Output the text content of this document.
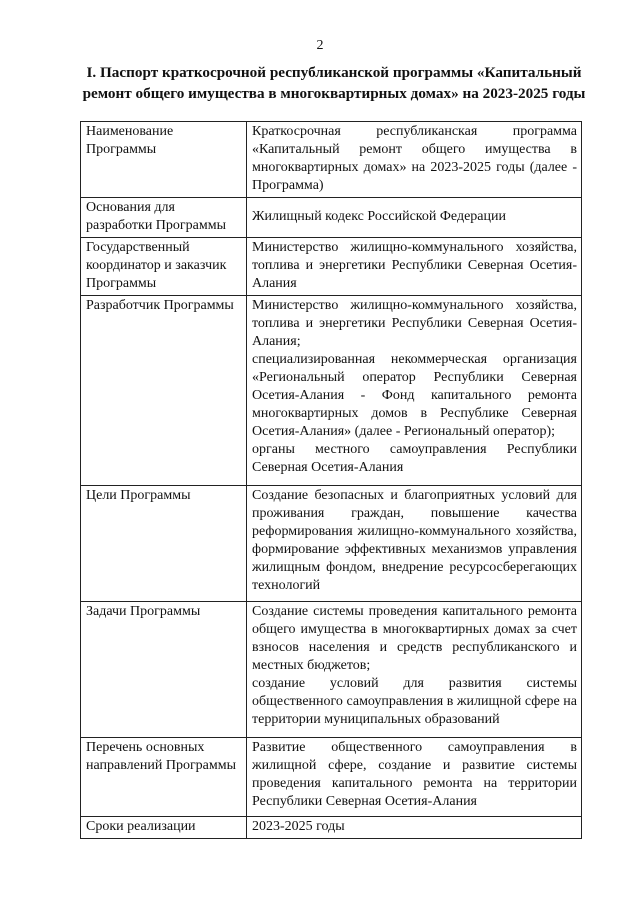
2
I. Паспорт краткосрочной республиканской программы «Капитальный
ремонт общего имущества в многоквартирных домах» на 2023-2025 годы
Наименование Программы	Краткосрочная республиканская программа «Капитальный ремонт общего имущества в многоквартирных домах» на 2023-2025 годы (далее - Программа)

Основания для разработки Программы	Жилищный кодекс Российской Федерации

Государственный координатор и заказчик Программы	Министерство жилищно-коммунального хозяйства, топлива и энергетики Республики Северная Осетия-Алания

Разработчик Программы	Министерство жилищно-коммунального хозяйства, топлива и энергетики Республики Северная Осетия-Алания;
специализированная некоммерческая организация «Региональный оператор Республики Северная Осетия-Алания - Фонд капитального ремонта многоквартирных домов в Республике Северная Осетия-Алания» (далее - Региональный оператор);
органы местного самоуправления Республики Северная Осетия-Алания

Цели Программы	Создание безопасных и благоприятных условий для проживания граждан, повышение качества реформирования жилищно-коммунального хозяйства, формирование эффективных механизмов управления жилищным фондом, внедрение ресурсосберегающих технологий

Задачи Программы	Создание системы проведения капитального ремонта общего имущества в многоквартирных домах за счет взносов населения и средств республиканского и местных бюджетов;
создание условий для развития системы общественного самоуправления в жилищной сфере на территории муниципальных образований

Перечень основных направлений Программы	Развитие общественного самоуправления в жилищной сфере, создание и развитие системы проведения капитального ремонта на территории Республики Северная Осетия-Алания

Сроки реализации	2023-2025 годы
